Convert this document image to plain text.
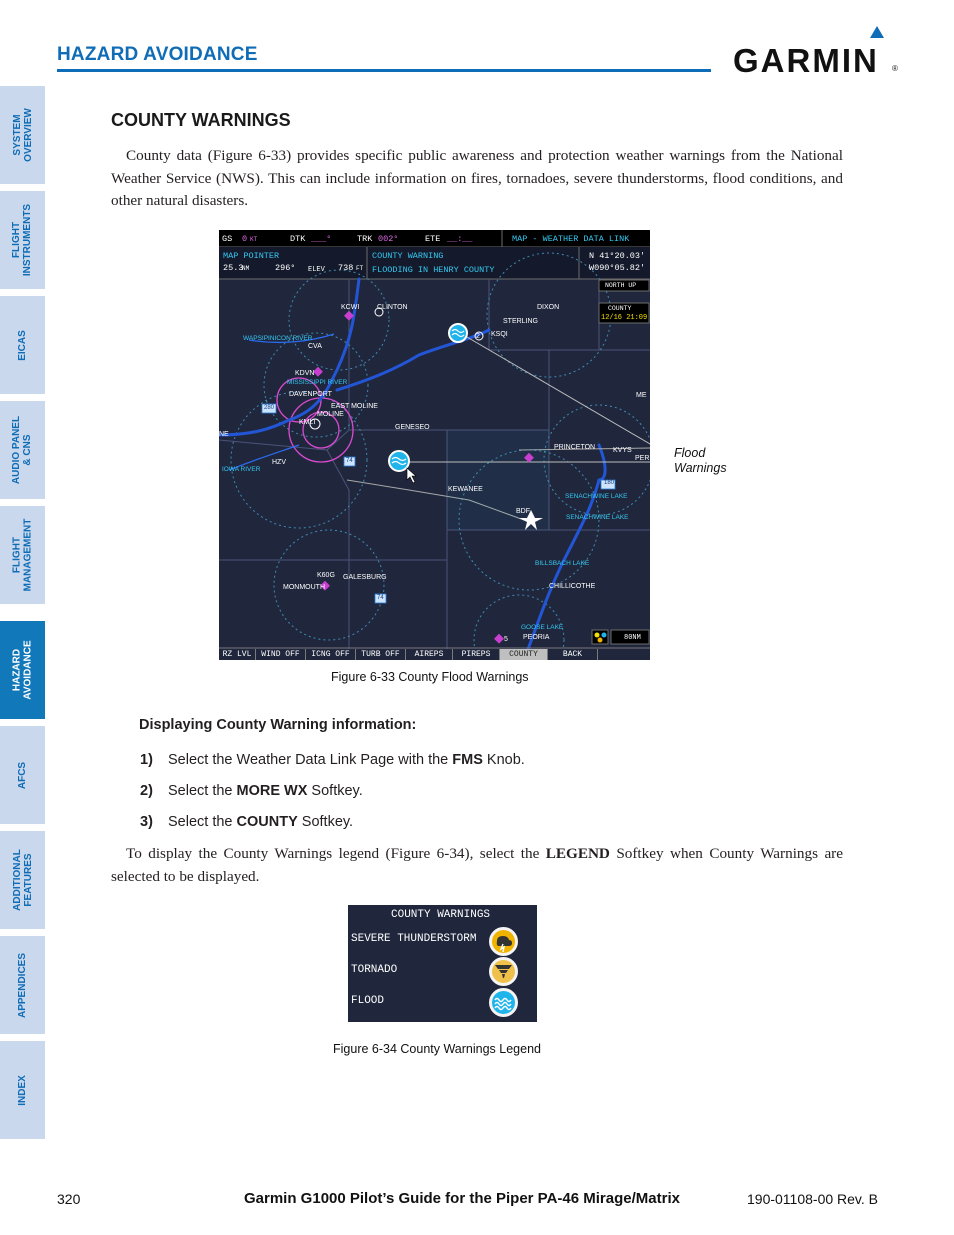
HAZARD AVOIDANCE	GARMIN ®
SYSTEM
OVERVIEW
FLIGHT
INSTRUMENTS
EICAS
AUDIO PANEL
& CNS
FLIGHT
MANAGEMENT
HAZARD
AVOIDANCE
AFCS
ADDITIONAL
FEATURES
APPENDICES
INDEX
COUNTY WARNINGS

County data (Figure 6-33) provides specific public awareness and protection weather warnings from the National Weather Service (NWS). This can include information on fires, tornadoes, severe thunderstorms, flood conditions, and other natural disasters.

GS 0 KT	DTK ___°	TRK 002°	ETE __:__	MAP - WEATHER DATA LINK
MAP POINTER
25.3
NM	296° ELEV 738 FT
COUNTY WARNING
FLOODING IN HENRY COUNTY
N 41°20.03'
W090°05.82'
NORTH UP
COUNTY
12/16 21:09
80NM
KCWI	CLINTON	DIXON
STERLING
KSQI
WAPSIPINICON RIVER
CVA
KDVN
MISSISSIPPI RIVER
DAVENPORT
EAST MOLINE
MOLINE
KMLI
GENESEO
PRINCETON	KVYS
IOWA RIVER
HZV
KEWANEE
SENACHWINE LAKE
SENACHWINE LAKE
BDF
GALESBURG
K60G
MONMOUTH
BILLSBACH LAKE
CHILLICOTHE
GOOSE LAKE
PEORIA
ME
PER
NE
180
280
74
74
5
2
RZ LVL	WIND OFF	ICNG OFF	TURB OFF	AIREPS	PIREPS	COUNTY	BACK
Flood
Warnings
Figure 6-33 County Flood Warnings
Displaying County Warning information:
1) Select the Weather Data Link Page with the FMS Knob.
2) Select the MORE WX Softkey.
3) Select the COUNTY Softkey.

To display the County Warnings legend (Figure 6-34), select the LEGEND Softkey when County Warnings are selected to be displayed.

COUNTY WARNINGS
SEVERE THUNDERSTORM
TORNADO
FLOOD
Figure 6-34 County Warnings Legend
320	Garmin G1000 Pilot’s Guide for the Piper PA-46 Mirage/Matrix	190-01108-00 Rev. B
